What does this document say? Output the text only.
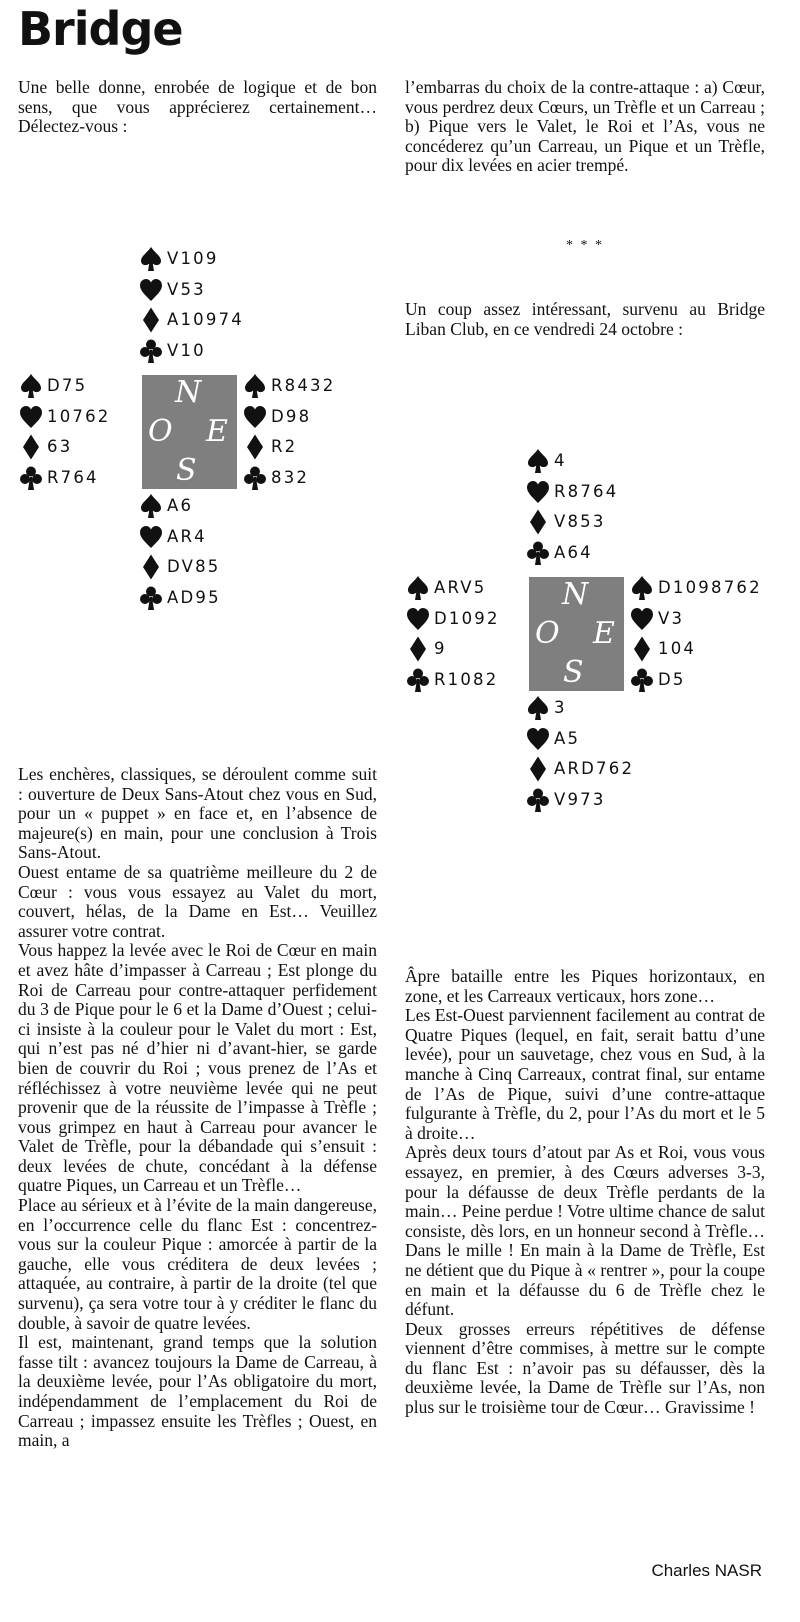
Bridge

Une belle donne, enrobée de logique et de bon sens, que vous apprécierez certainement… Délectez-vous :

l’embarras du choix de la contre-attaque : a) Cœur, vous perdrez deux Cœurs, un Trèfle et un Carreau ; b) Pique vers le Valet, le Roi et l’As, vous ne concéderez qu’un Carreau, un Pique et un Trèfle, pour dix levées en acier trempé.

* * *
Un coup assez intéressant, survenu au Bridge Liban Club, en ce vendredi 24 octobre :
V109
V53
A10974
V10
D75
10762
63
R764
N
O E
S
R8432
D98
R2
832
A6
AR4
DV85
AD95
4
R8764
V853
A64
ARV5
D1092
9
R1082
N
O E
S
D1098762
V3
104
D5
3
A5
ARD762
V973

Les enchères, classiques, se déroulent comme suit : ouverture de Deux Sans-Atout chez vous en Sud, pour un « puppet » en face et, en l’absence de majeure(s) en main, pour une conclusion à Trois Sans-Atout.

Ouest entame de sa quatrième meilleure du 2 de Cœur : vous vous essayez au Valet du mort, couvert, hélas, de la Dame en Est… Veuillez assurer votre contrat.

Vous happez la levée avec le Roi de Cœur en main et avez hâte d’impasser à Carreau ; Est plonge du Roi de Carreau pour contre-attaquer perfidement du 3 de Pique pour le 6 et la Dame d’Ouest ; celui-ci insiste à la couleur pour le Valet du mort : Est, qui n’est pas né d’hier ni d’avant-hier, se garde bien de couvrir du Roi ; vous prenez de l’As et réfléchissez à votre neuvième levée qui ne peut provenir que de la réussite de l’impasse à Trèfle ; vous grimpez en haut à Carreau pour avancer le Valet de Trèfle, pour la débandade qui s’ensuit : deux levées de chute, concédant à la défense quatre Piques, un Carreau et un Trèfle…

Place au sérieux et à l’évite de la main dangereuse, en l’occurrence celle du flanc Est : concentrez-vous sur la couleur Pique : amorcée à partir de la gauche, elle vous créditera de deux levées ; attaquée, au contraire, à partir de la droite (tel que survenu), ça sera votre tour à y créditer le flanc du double, à savoir de quatre levées.

Il est, maintenant, grand temps que la solution fasse tilt : avancez toujours la Dame de Carreau, à la deuxième levée, pour l’As obligatoire du mort, indépendamment de l’emplacement du Roi de Carreau ; impassez ensuite les Trèfles ; Ouest, en main, a

Âpre bataille entre les Piques horizontaux, en zone, et les Carreaux verticaux, hors zone…

Les Est-Ouest parviennent facilement au contrat de Quatre Piques (lequel, en fait, serait battu d’une levée), pour un sauvetage, chez vous en Sud, à la manche à Cinq Carreaux, contrat final, sur entame de l’As de Pique, suivi d’une contre-attaque fulgurante à Trèfle, du 2, pour l’As du mort et le 5 à droite…

Après deux tours d’atout par As et Roi, vous vous essayez, en premier, à des Cœurs adverses 3-3, pour la défausse de deux Trèfle perdants de la main… Peine perdue ! Votre ultime chance de salut consiste, dès lors, en un honneur second à Trèfle… Dans le mille ! En main à la Dame de Trèfle, Est ne détient que du Pique à « rentrer », pour la coupe en main et la défausse du 6 de Trèfle chez le défunt.

Deux grosses erreurs répétitives de défense viennent d’être commises, à mettre sur le compte du flanc Est : n’avoir pas su défausser, dès la deuxième levée, la Dame de Trèfle sur l’As, non plus sur le troisième tour de Cœur… Gravissime !

Charles NASR
